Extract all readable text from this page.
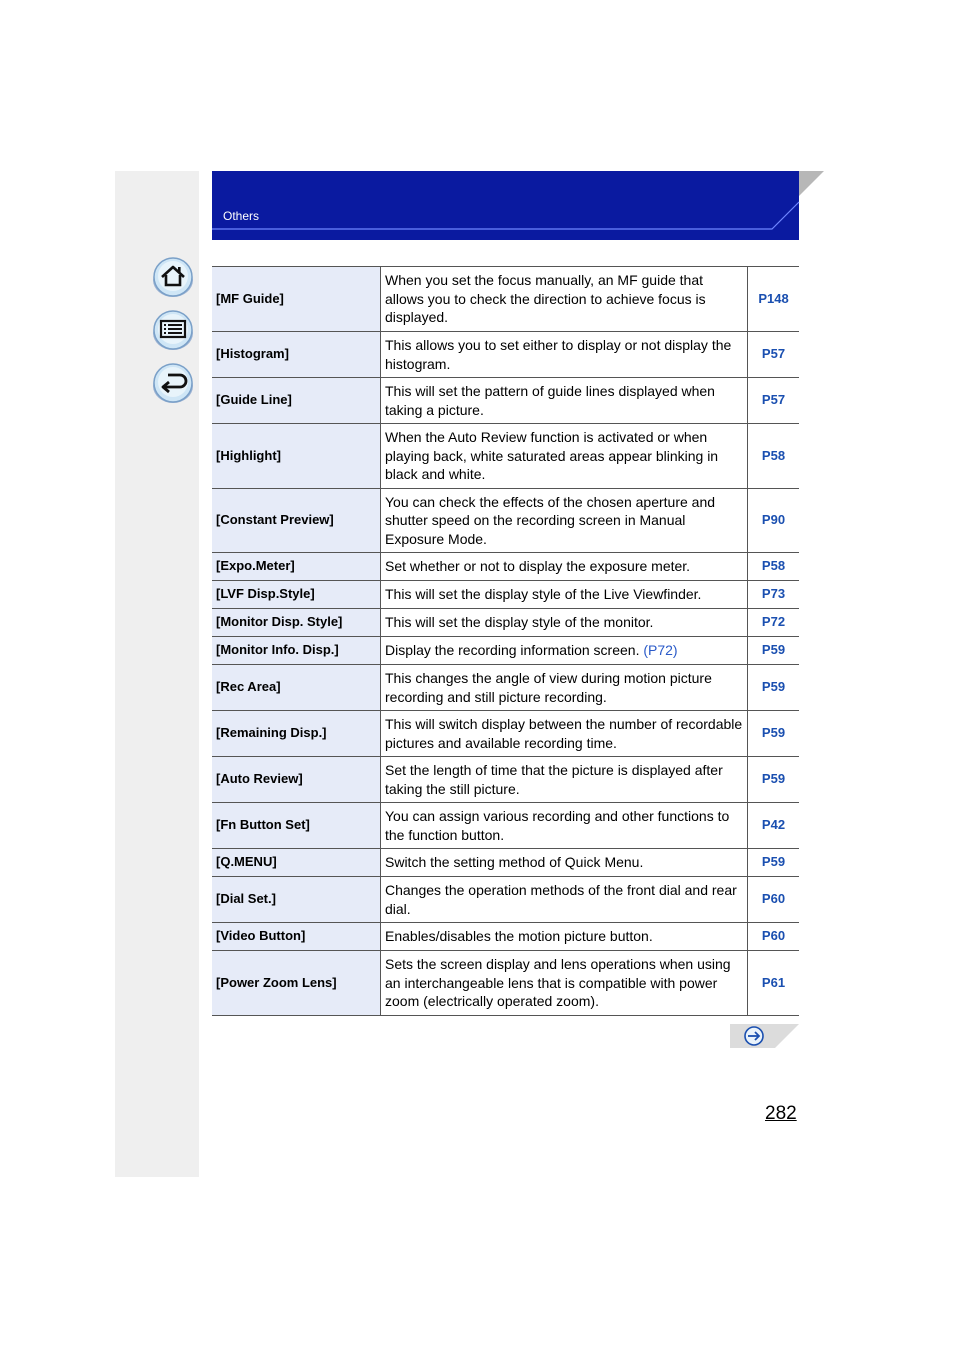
Others
[MF Guide]	When you set the focus manually, an MF guide that allows you to check the direction to achieve focus is displayed.	P148
[Histogram]	This allows you to set either to display or not display the histogram.	P57
[Guide Line]	This will set the pattern of guide lines displayed when taking a picture.	P57
[Highlight]	When the Auto Review function is activated or when playing back, white saturated areas appear blinking in black and white.	P58
[Constant Preview]	You can check the effects of the chosen aperture and shutter speed on the recording screen in Manual Exposure Mode.	P90
[Expo.Meter]	Set whether or not to display the exposure meter.	P58
[LVF Disp.Style]	This will set the display style of the Live Viewfinder.	P73
[Monitor Disp. Style]	This will set the display style of the monitor.	P72
[Monitor Info. Disp.]	Display the recording information screen. (P72)	P59
[Rec Area]	This changes the angle of view during motion picture recording and still picture recording.	P59
[Remaining Disp.]	This will switch display between the number of recordable pictures and available recording time.	P59
[Auto Review]	Set the length of time that the picture is displayed after taking the still picture.	P59
[Fn Button Set]	You can assign various recording and other functions to the function button.	P42
[Q.MENU]	Switch the setting method of Quick Menu.	P59
[Dial Set.]	Changes the operation methods of the front dial and rear dial.	P60
[Video Button]	Enables/disables the motion picture button.	P60
[Power Zoom Lens]	Sets the screen display and lens operations when using an interchangeable lens that is compatible with power zoom (electrically operated zoom).	P61
282
